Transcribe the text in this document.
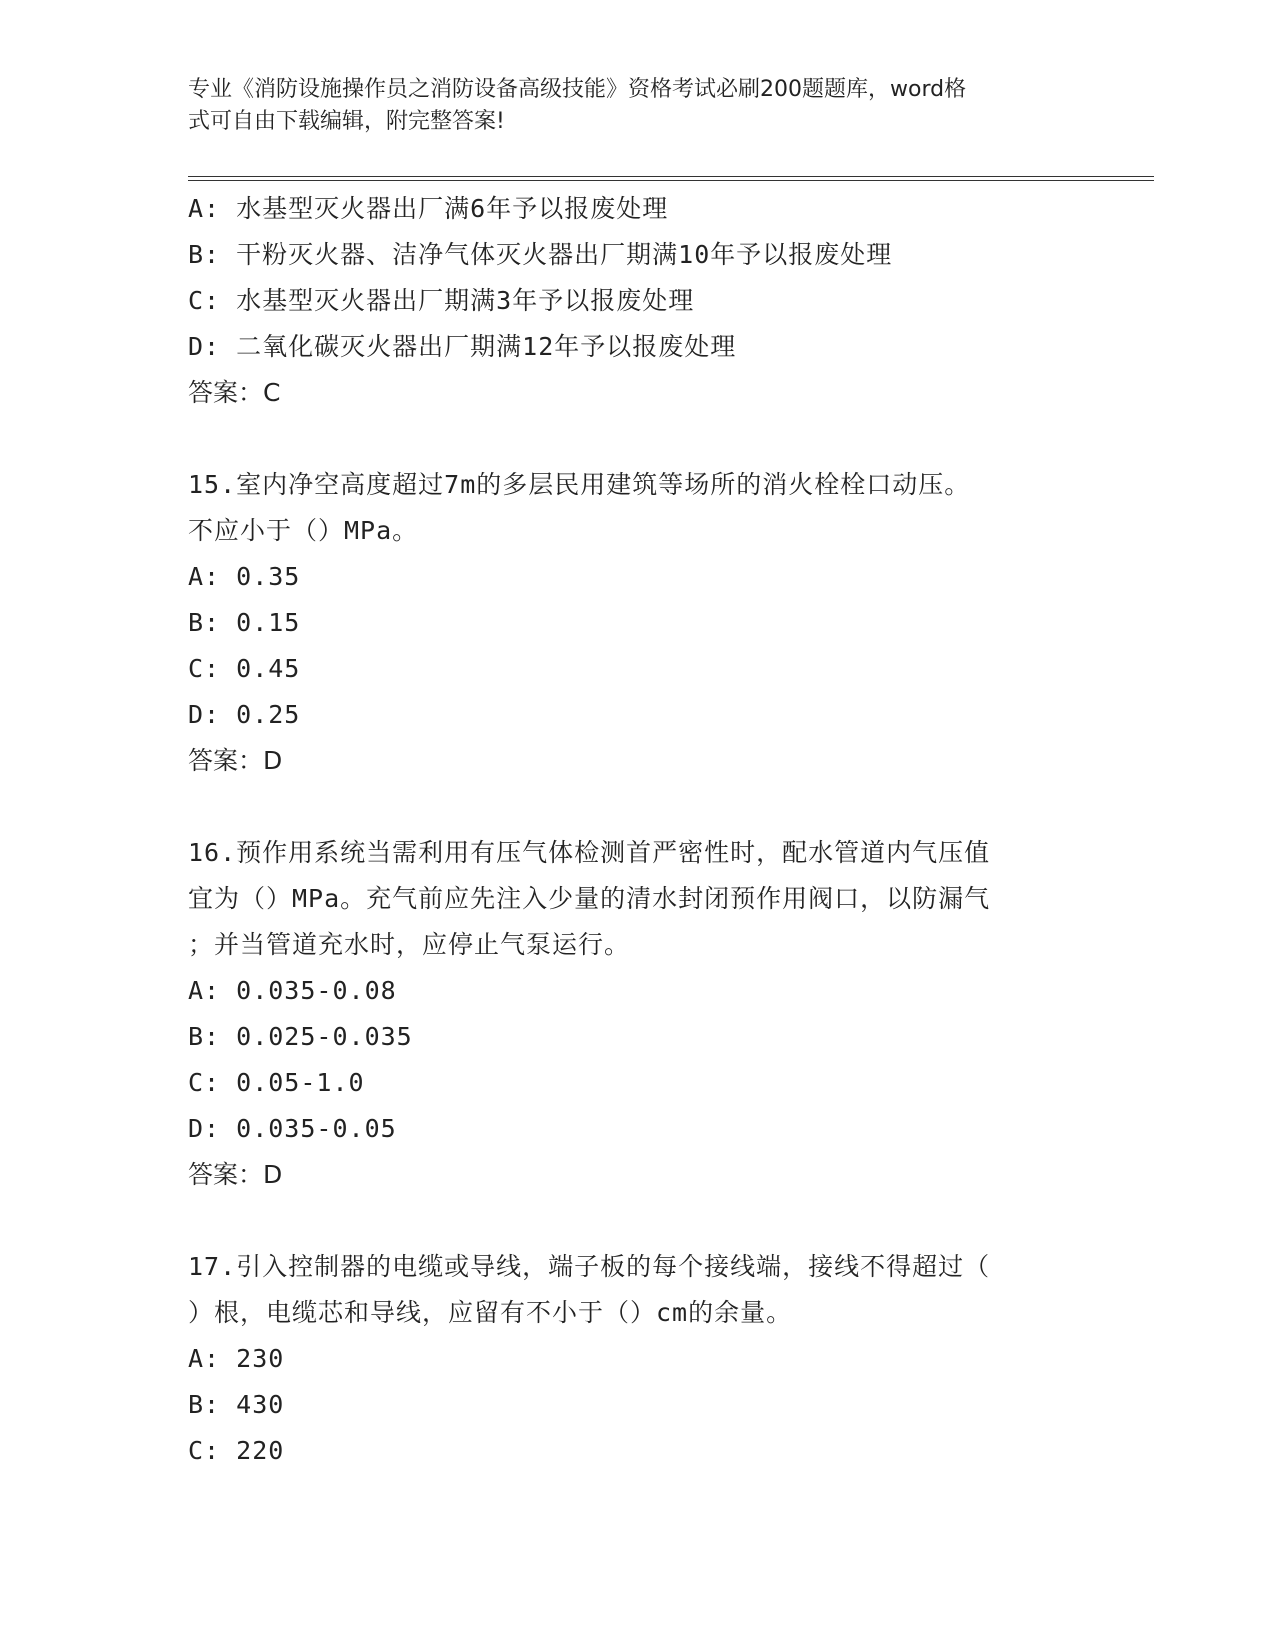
专业《消防设施操作员之消防设备高级技能》资格考试必刷200题题库，word格
式可自由下载编辑，附完整答案!
A: 水基型灭火器出厂满6年予以报废处理
B: 干粉灭火器、洁净气体灭火器出厂期满10年予以报废处理
C: 水基型灭火器出厂期满3年予以报废处理
D: 二氧化碳灭火器出厂期满12年予以报废处理
答案：C
15.室内净空高度超过7m的多层民用建筑等场所的消火栓栓口动压。
不应小于（）MPa。
A: 0.35
B: 0.15
C: 0.45
D: 0.25
答案：D
16.预作用系统当需利用有压气体检测首严密性时，配水管道内气压值
宜为（）MPa。充气前应先注入少量的清水封闭预作用阀口，以防漏气
；并当管道充水时，应停止气泵运行。
A: 0.035-0.08
B: 0.025-0.035
C: 0.05-1.0
D: 0.035-0.05
答案：D
17.引入控制器的电缆或导线，端子板的每个接线端，接线不得超过（
）根，电缆芯和导线，应留有不小于（）cm的余量。
A: 230
B: 430
C: 220
